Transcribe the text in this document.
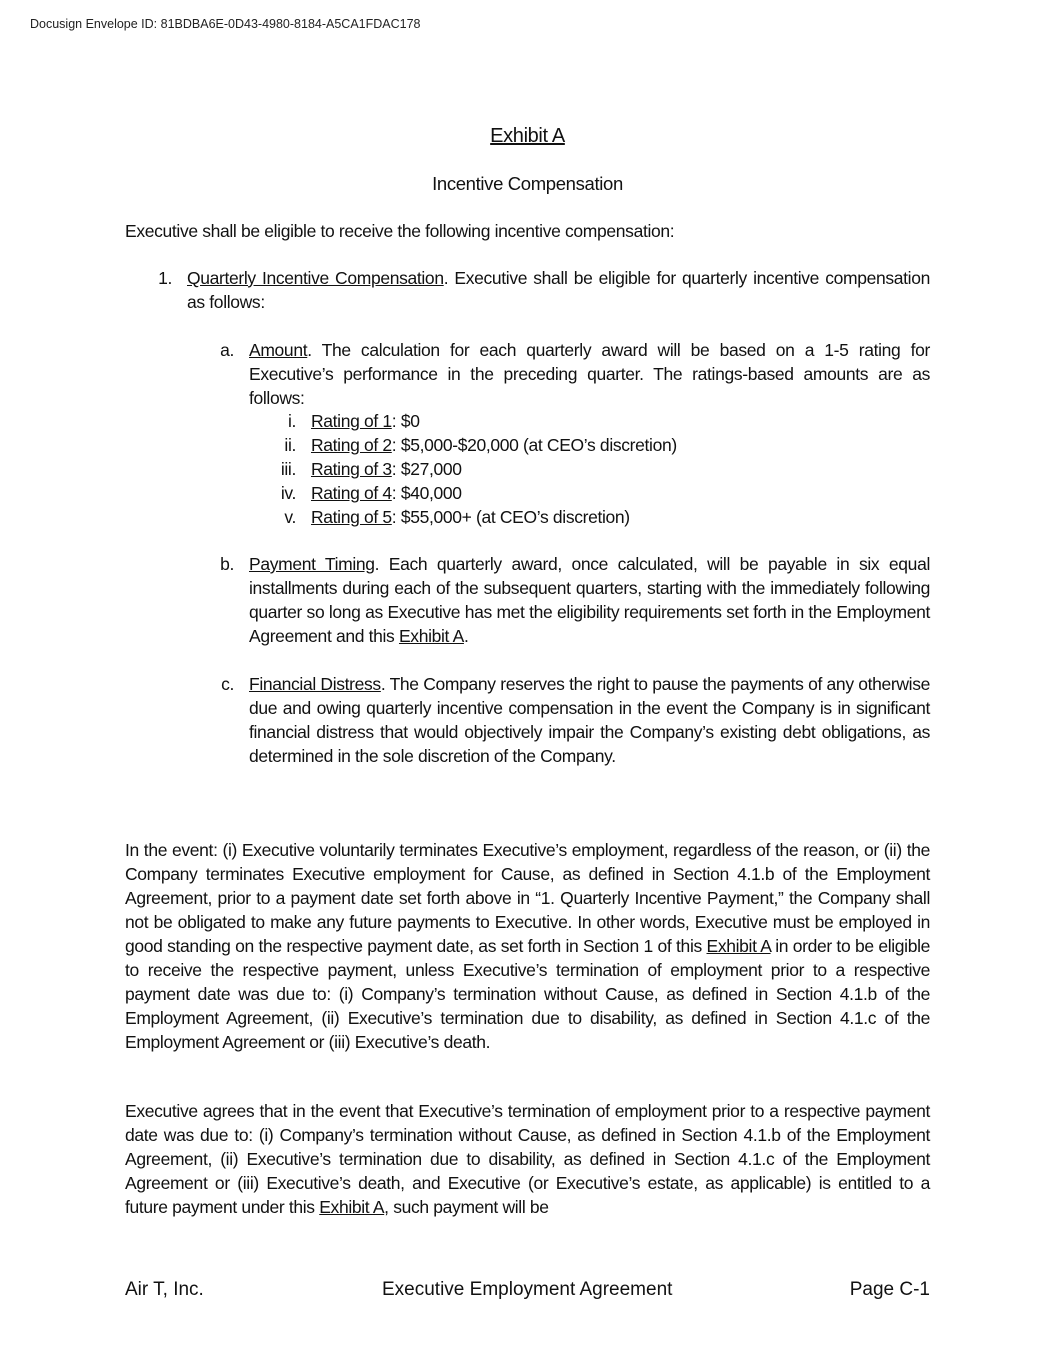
Docusign Envelope ID: 81BDBA6E-0D43-4980-8184-A5CA1FDAC178
Exhibit A
Incentive Compensation
Executive shall be eligible to receive the following incentive compensation:
1. Quarterly Incentive Compensation. Executive shall be eligible for quarterly incentive compensation as follows:
a. Amount. The calculation for each quarterly award will be based on a 1-5 rating for Executive’s performance in the preceding quarter. The ratings-based amounts are as follows:
i. Rating of 1: $0
ii. Rating of 2: $5,000-$20,000 (at CEO’s discretion)
iii. Rating of 3: $27,000
iv. Rating of 4: $40,000
v. Rating of 5: $55,000+ (at CEO’s discretion)
b. Payment Timing. Each quarterly award, once calculated, will be payable in six equal installments during each of the subsequent quarters, starting with the immediately following quarter so long as Executive has met the eligibility requirements set forth in the Employment Agreement and this Exhibit A.
c. Financial Distress. The Company reserves the right to pause the payments of any otherwise due and owing quarterly incentive compensation in the event the Company is in significant financial distress that would objectively impair the Company’s existing debt obligations, as determined in the sole discretion of the Company.
In the event: (i) Executive voluntarily terminates Executive’s employment, regardless of the reason, or (ii) the Company terminates Executive employment for Cause, as defined in Section 4.1.b of the Employment Agreement, prior to a payment date set forth above in “1. Quarterly Incentive Payment,” the Company shall not be obligated to make any future payments to Executive. In other words, Executive must be employed in good standing on the respective payment date, as set forth in Section 1 of this Exhibit A in order to be eligible to receive the respective payment, unless Executive’s termination of employment prior to a respective payment date was due to: (i) Company’s termination without Cause, as defined in Section 4.1.b of the Employment Agreement, (ii) Executive’s termination due to disability, as defined in Section 4.1.c of the Employment Agreement or (iii) Executive’s death.
Executive agrees that in the event that Executive’s termination of employment prior to a respective payment date was due to: (i) Company’s termination without Cause, as defined in Section 4.1.b of the Employment Agreement, (ii) Executive’s termination due to disability, as defined in Section 4.1.c of the Employment Agreement or (iii) Executive’s death, and Executive (or Executive’s estate, as applicable) is entitled to a future payment under this Exhibit A, such payment will be
Air T, Inc.	Executive Employment Agreement	Page C-1
